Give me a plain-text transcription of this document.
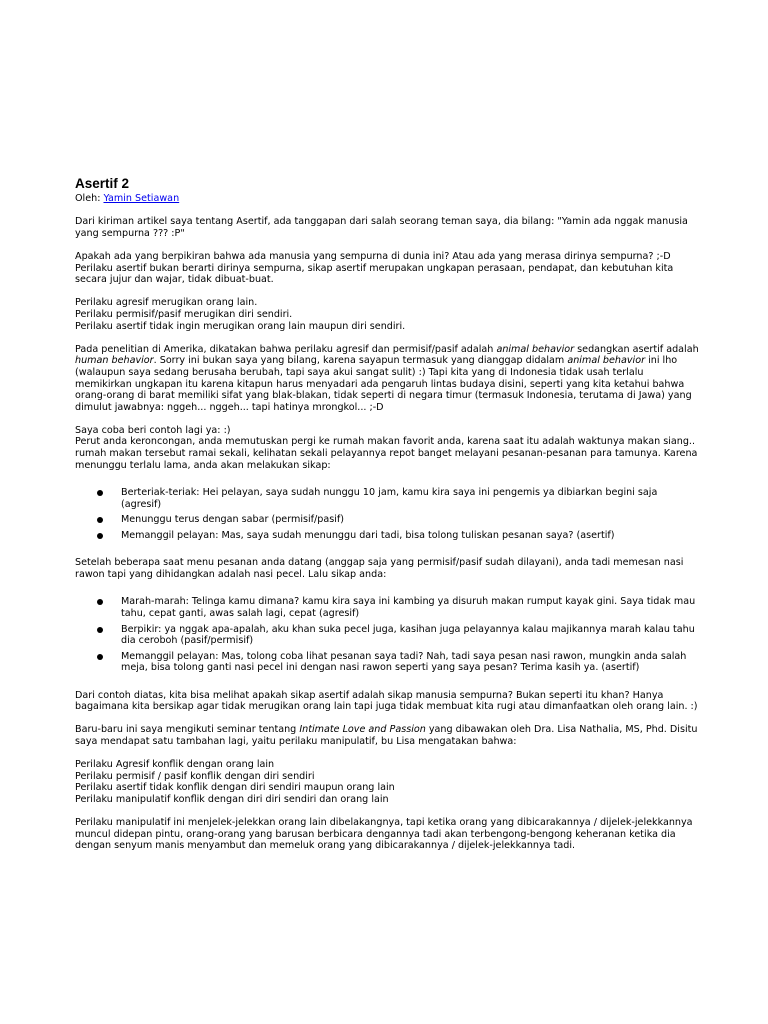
Asertif 2

Oleh: Yamin Setiawan

Dari kiriman artikel saya tentang Asertif, ada tanggapan dari salah seorang teman saya, dia bilang: "Yamin ada nggak manusia yang sempurna ??? :P"

Apakah ada yang berpikiran bahwa ada manusia yang sempurna di dunia ini? Atau ada yang merasa dirinya sempurna? ;-D

Perilaku asertif bukan berarti dirinya sempurna, sikap asertif merupakan ungkapan perasaan, pendapat, dan kebutuhan kita secara jujur dan wajar, tidak dibuat-buat.

Perilaku agresif merugikan orang lain.

Perilaku permisif/pasif merugikan diri sendiri.

Perilaku asertif tidak ingin merugikan orang lain maupun diri sendiri.

Pada penelitian di Amerika, dikatakan bahwa perilaku agresif dan permisif/pasif adalah animal behavior sedangkan asertif adalah human behavior. Sorry ini bukan saya yang bilang, karena sayapun termasuk yang dianggap didalam animal behavior ini lho (walaupun saya sedang berusaha berubah, tapi saya akui sangat sulit) :) Tapi kita yang di Indonesia tidak usah terlalu memikirkan ungkapan itu karena kitapun harus menyadari ada pengaruh lintas budaya disini, seperti yang kita ketahui bahwa orang-orang di barat memiliki sifat yang blak-blakan, tidak seperti di negara timur (termasuk Indonesia, terutama di Jawa) yang dimulut jawabnya: nggeh... nggeh... tapi hatinya mrongkol... ;-D

Saya coba beri contoh lagi ya: :)

Perut anda keroncongan, anda memutuskan pergi ke rumah makan favorit anda, karena saat itu adalah waktunya makan siang.. rumah makan tersebut ramai sekali, kelihatan sekali pelayannya repot banget melayani pesanan-pesanan para tamunya. Karena menunggu terlalu lama, anda akan melakukan sikap:

Berteriak-teriak: Hei pelayan, saya sudah nunggu 10 jam, kamu kira saya ini pengemis ya dibiarkan begini saja (agresif)
Menunggu terus dengan sabar (permisif/pasif)
Memanggil pelayan: Mas, saya sudah menunggu dari tadi, bisa tolong tuliskan pesanan saya? (asertif)

Setelah beberapa saat menu pesanan anda datang (anggap saja yang permisif/pasif sudah dilayani), anda tadi memesan nasi rawon tapi yang dihidangkan adalah nasi pecel. Lalu sikap anda:

Marah-marah: Telinga kamu dimana? kamu kira saya ini kambing ya disuruh makan rumput kayak gini. Saya tidak mau tahu, cepat ganti, awas salah lagi, cepat (agresif)
Berpikir: ya nggak apa-apalah, aku khan suka pecel juga, kasihan juga pelayannya kalau majikannya marah kalau tahu dia ceroboh (pasif/permisif)
Memanggil pelayan: Mas, tolong coba lihat pesanan saya tadi? Nah, tadi saya pesan nasi rawon, mungkin anda salah meja, bisa tolong ganti nasi pecel ini dengan nasi rawon seperti yang saya pesan? Terima kasih ya. (asertif)

Dari contoh diatas, kita bisa melihat apakah sikap asertif adalah sikap manusia sempurna? Bukan seperti itu khan? Hanya bagaimana kita bersikap agar tidak merugikan orang lain tapi juga tidak membuat kita rugi atau dimanfaatkan oleh orang lain. :)

Baru-baru ini saya mengikuti seminar tentang Intimate Love and Passion yang dibawakan oleh Dra. Lisa Nathalia, MS, Phd. Disitu saya mendapat satu tambahan lagi, yaitu perilaku manipulatif, bu Lisa mengatakan bahwa:

Perilaku Agresif konflik dengan orang lain

Perilaku permisif / pasif konflik dengan diri sendiri

Perilaku asertif tidak konflik dengan diri sendiri maupun orang lain

Perilaku manipulatif konflik dengan diri diri sendiri dan orang lain

Perilaku manipulatif ini menjelek-jelekkan orang lain dibelakangnya, tapi ketika orang yang dibicarakannya / dijelek-jelekkannya muncul didepan pintu, orang-orang yang barusan berbicara dengannya tadi akan terbengong-bengong keheranan ketika dia dengan senyum manis menyambut dan memeluk orang yang dibicarakannya / dijelek-jelekkannya tadi.
